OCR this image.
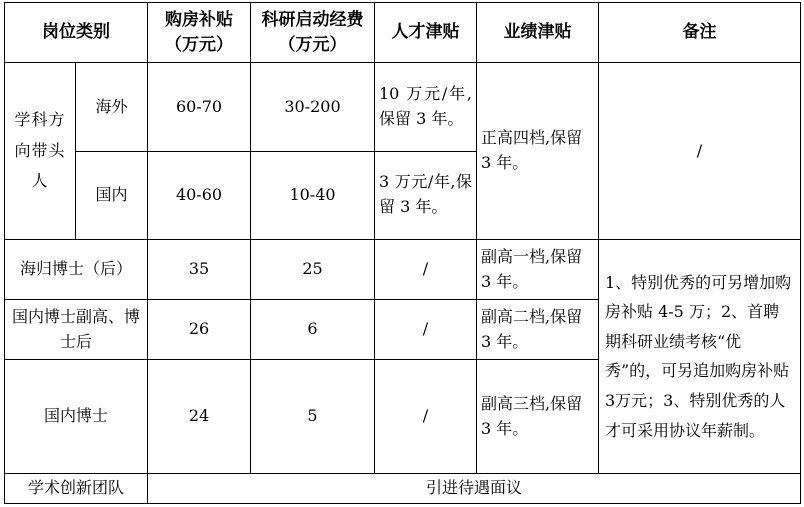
岗位类别		购房补贴（万元）	科研启动经费（万元）	人才津贴	业绩津贴	备注
学科方向带头人	海外	60-70	30-200	10 万元/年,保留 3 年。	正高四档,保留 3 年。	/
	国内	40-60	10-40	3 万元/年,保留 3 年。		
海归博士（后）		35	25	/	副高一档,保留 3 年。	1、特别优秀的可另增加购房补贴 4-5 万；2、首聘期科研业绩考核“优秀”的，可另追加购房补贴 3万元；3、特别优秀的人才可采用协议年薪制。
国内博士副高、博士后		26	6	/	副高二档,保留 3 年。	
国内博士		24	5	/	副高三档,保留 3 年。	
学术创新团队		引进待遇面议				
